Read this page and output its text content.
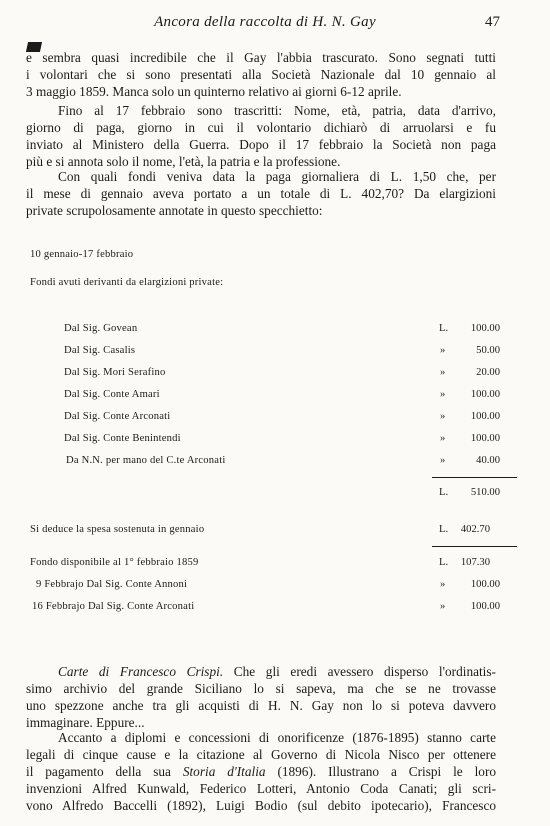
Ancora della raccolta di H. N. Gay	47

e sembra quasi incredibile che il Gay l'abbia trascurato. Sono segnati tutti
i volontari che si sono presentati alla Società Nazionale dal 10 gennaio al
3 maggio 1859. Manca solo un quinterno relativo ai giorni 6-12 aprile.

Fino al 17 febbraio sono trascritti: Nome, età, patria, data d'arrivo,
giorno di paga, giorno in cui il volontario dichiarò di arruolarsi e fu
inviato al Ministero della Guerra. Dopo il 17 febbraio la Società non paga
più e si annota solo il nome, l'età, la patria e la professione.

Con quali fondi veniva data la paga giornaliera di L. 1,50 che, per
il mese di gennaio aveva portato a un totale di L. 402,70? Da elargizioni
private scrupolosamente annotate in questo specchietto:

10 gennaio-17 febbraio
Fondi avuti derivanti da elargizioni private:
Dal Sig. Govean	L. 100.00
Dal Sig. Casalis	»	50.00
Dal Sig. Mori Serafino	»	20.00
Dal Sig. Conte Amari	» 100.00
Dal Sig. Conte Arconati	» 100.00
Dal Sig. Conte Benintendi	» 100.00
Da N.N. per mano del C.te Arconati	»	40.00
L. 510.00
Si deduce la spesa sostenuta in gennaio	L. 402.70
Fondo disponibile al 1° febbraio 1859	L. 107.30
9 Febbrajo Dal Sig. Conte Annoni	» 100.00
16 Febbrajo Dal Sig. Conte Arconati	» 100.00

Carte di Francesco Crispi. Che gli eredi avessero disperso l'ordinatis-
simo archivio del grande Siciliano lo si sapeva, ma che se ne trovasse
uno spezzone anche tra gli acquisti di H. N. Gay non lo si poteva davvero
immaginare. Eppure...

Accanto a diplomi e concessioni di onorificenze (1876-1895) stanno carte
legali di cinque cause e la citazione al Governo di Nicola Nisco per ottenere
il pagamento della sua Storia d'Italia (1896). Illustrano a Crispi le loro
invenzioni Alfred Kunwald, Federico Lotteri, Antonio Coda Canati; gli scri-
vono Alfredo Baccelli (1892), Luigi Bodio (sul debito ipotecario), Francesco
